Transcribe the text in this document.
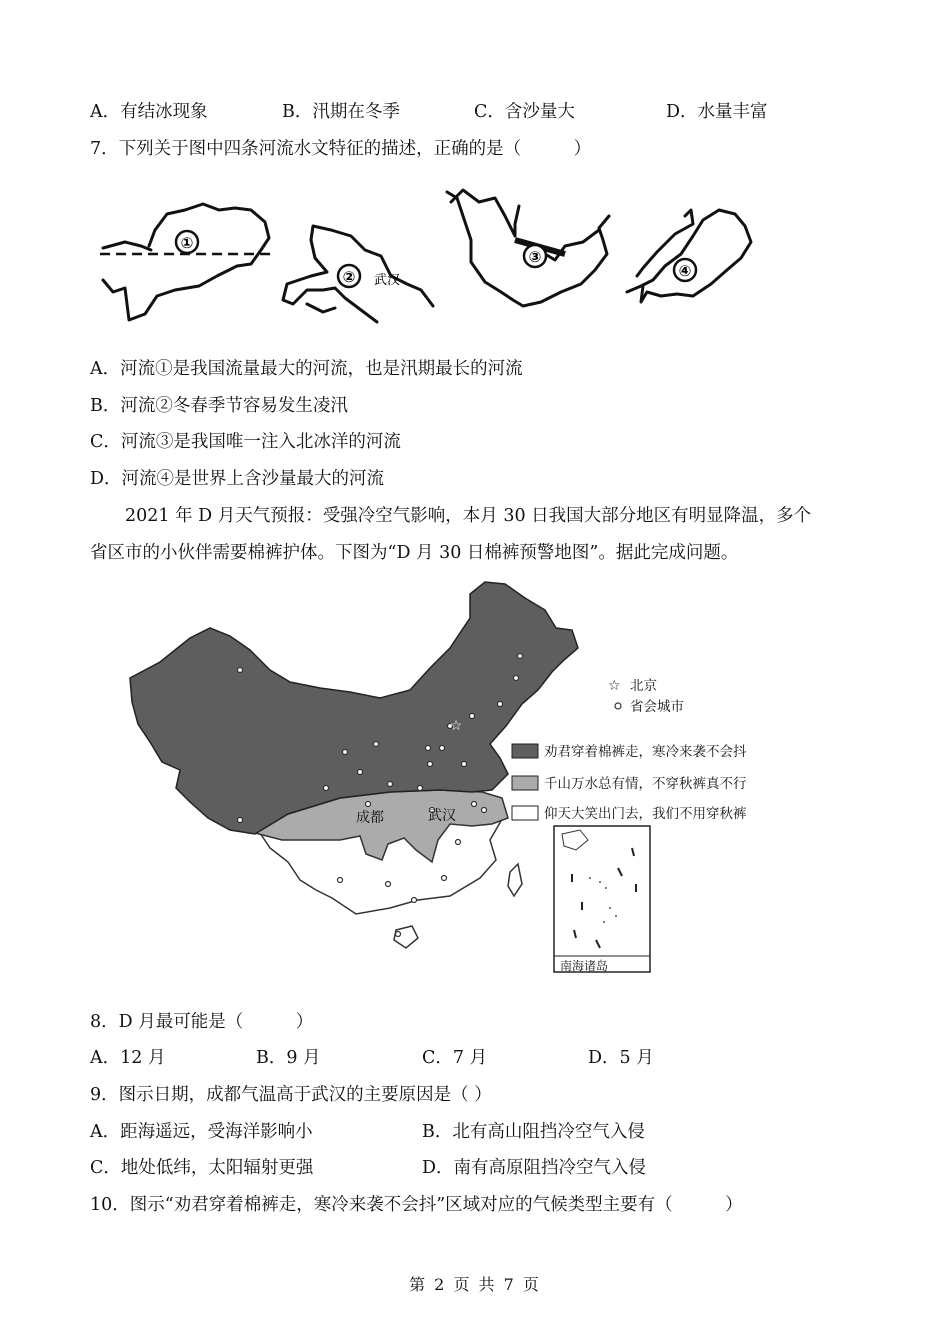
A．有结冰现象	B．汛期在冬季	C．含沙量大	D．水量丰富
7．下列关于图中四条河流水文特征的描述，正确的是（　　　）
①
② 武汉
③
④
A．河流①是我国流量最大的河流，也是汛期最长的河流
B．河流②冬春季节容易发生凌汛
C．河流③是我国唯一注入北冰洋的河流
D．河流④是世界上含沙量最大的河流
2021 年 D 月天气预报：受强冷空气影响，本月 30 日我国大部分地区有明显降温，多个
省区市的小伙伴需要棉裤护体。下图为“D 月 30 日棉裤预警地图”。据此完成问题。
☆
成都	武汉
☆ 北京
省会城市
劝君穿着棉裤走，寒冷来袭不会抖
千山万水总有情，不穿秋裤真不行
仰天大笑出门去，我们不用穿秋裤
南海诸岛
8．D 月最可能是（　　　）
A．12 月	B．9 月	C．7 月	D．5 月
9．图示日期，成都气温高于武汉的主要原因是（ ）
A．距海遥远，受海洋影响小	B．北有高山阻挡冷空气入侵
C．地处低纬，太阳辐射更强	D．南有高原阻挡冷空气入侵
10．图示“劝君穿着棉裤走，寒冷来袭不会抖”区域对应的气候类型主要有（　　　）
第 2 页 共 7 页
